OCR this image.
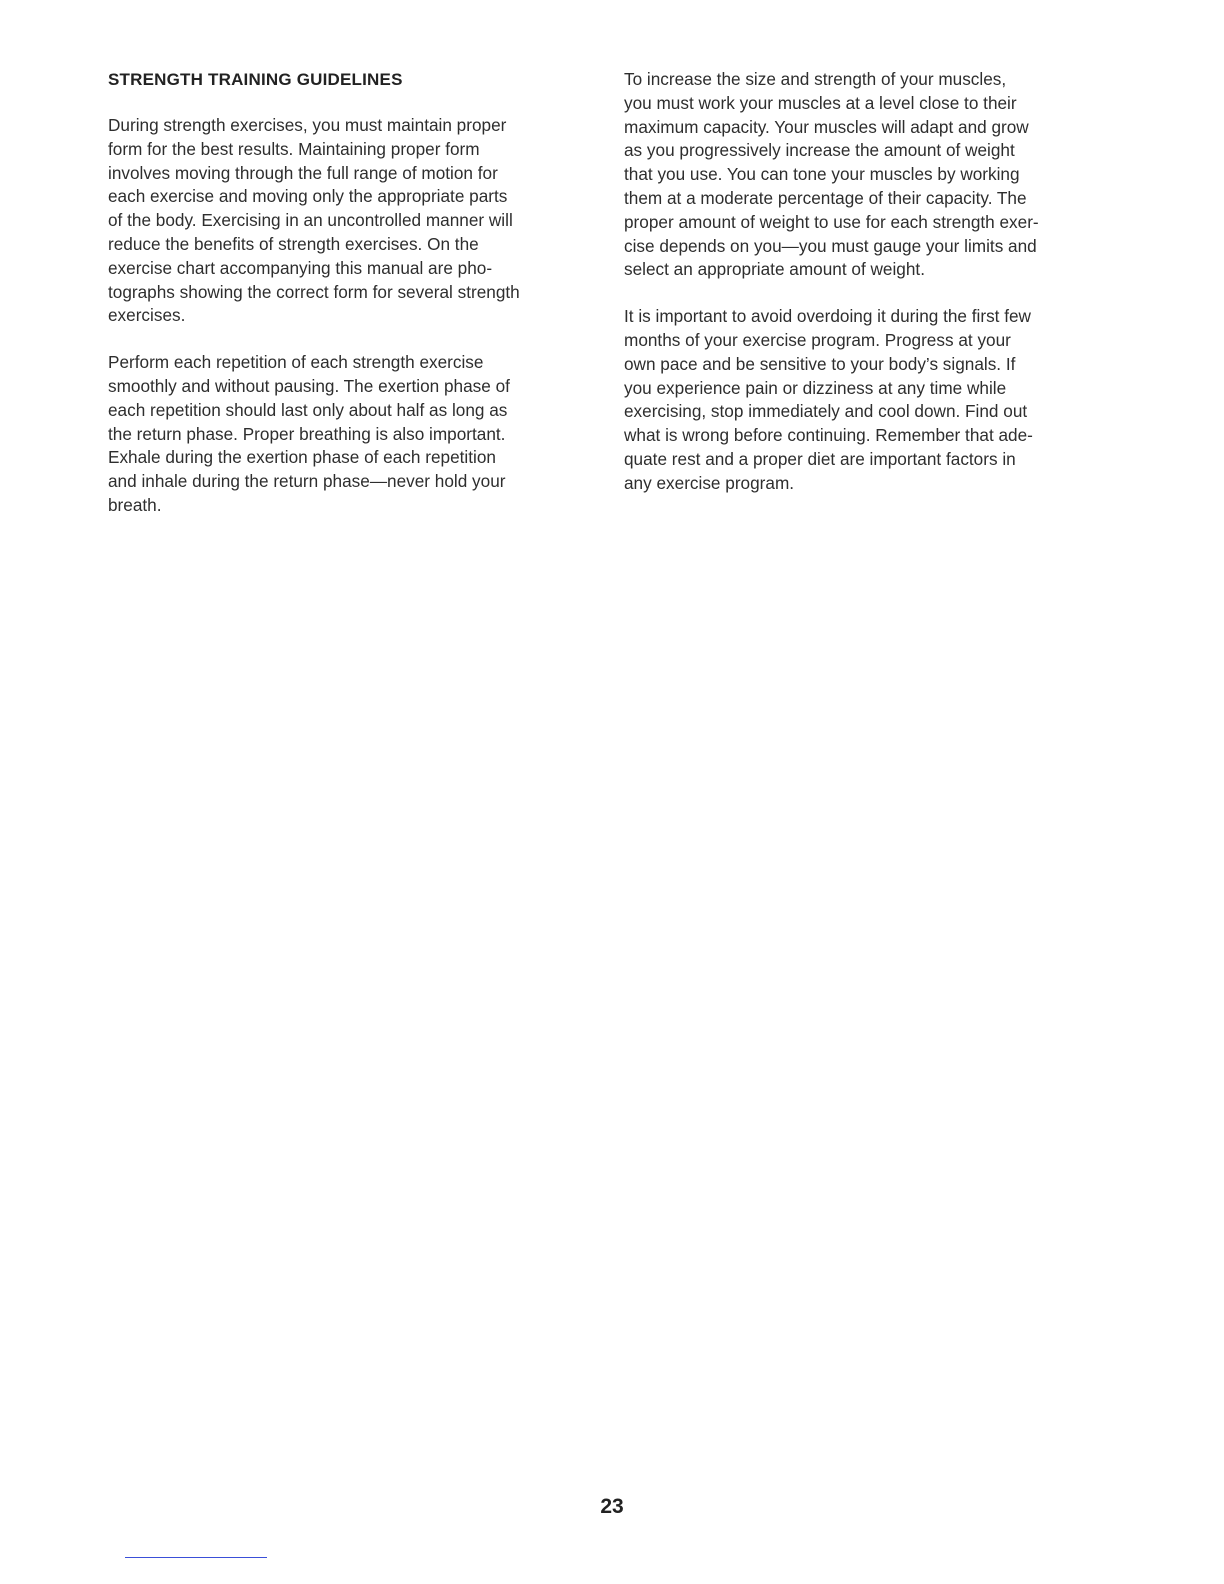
STRENGTH TRAINING GUIDELINES

During strength exercises, you must maintain proper
form for the best results. Maintaining proper form
involves moving through the full range of motion for
each exercise and moving only the appropriate parts
of the body. Exercising in an uncontrolled manner will
reduce the benefits of strength exercises. On the
exercise chart accompanying this manual are pho-
tographs showing the correct form for several strength
exercises.

Perform each repetition of each strength exercise
smoothly and without pausing. The exertion phase of
each repetition should last only about half as long as
the return phase. Proper breathing is also important.
Exhale during the exertion phase of each repetition
and inhale during the return phase—never hold your
breath.

To increase the size and strength of your muscles,
you must work your muscles at a level close to their
maximum capacity. Your muscles will adapt and grow
as you progressively increase the amount of weight
that you use. You can tone your muscles by working
them at a moderate percentage of their capacity. The
proper amount of weight to use for each strength exer-
cise depends on you—you must gauge your limits and
select an appropriate amount of weight.

It is important to avoid overdoing it during the first few
months of your exercise program. Progress at your
own pace and be sensitive to your body’s signals. If
you experience pain or dizziness at any time while
exercising, stop immediately and cool down. Find out
what is wrong before continuing. Remember that ade-
quate rest and a proper diet are important factors in
any exercise program.

23
